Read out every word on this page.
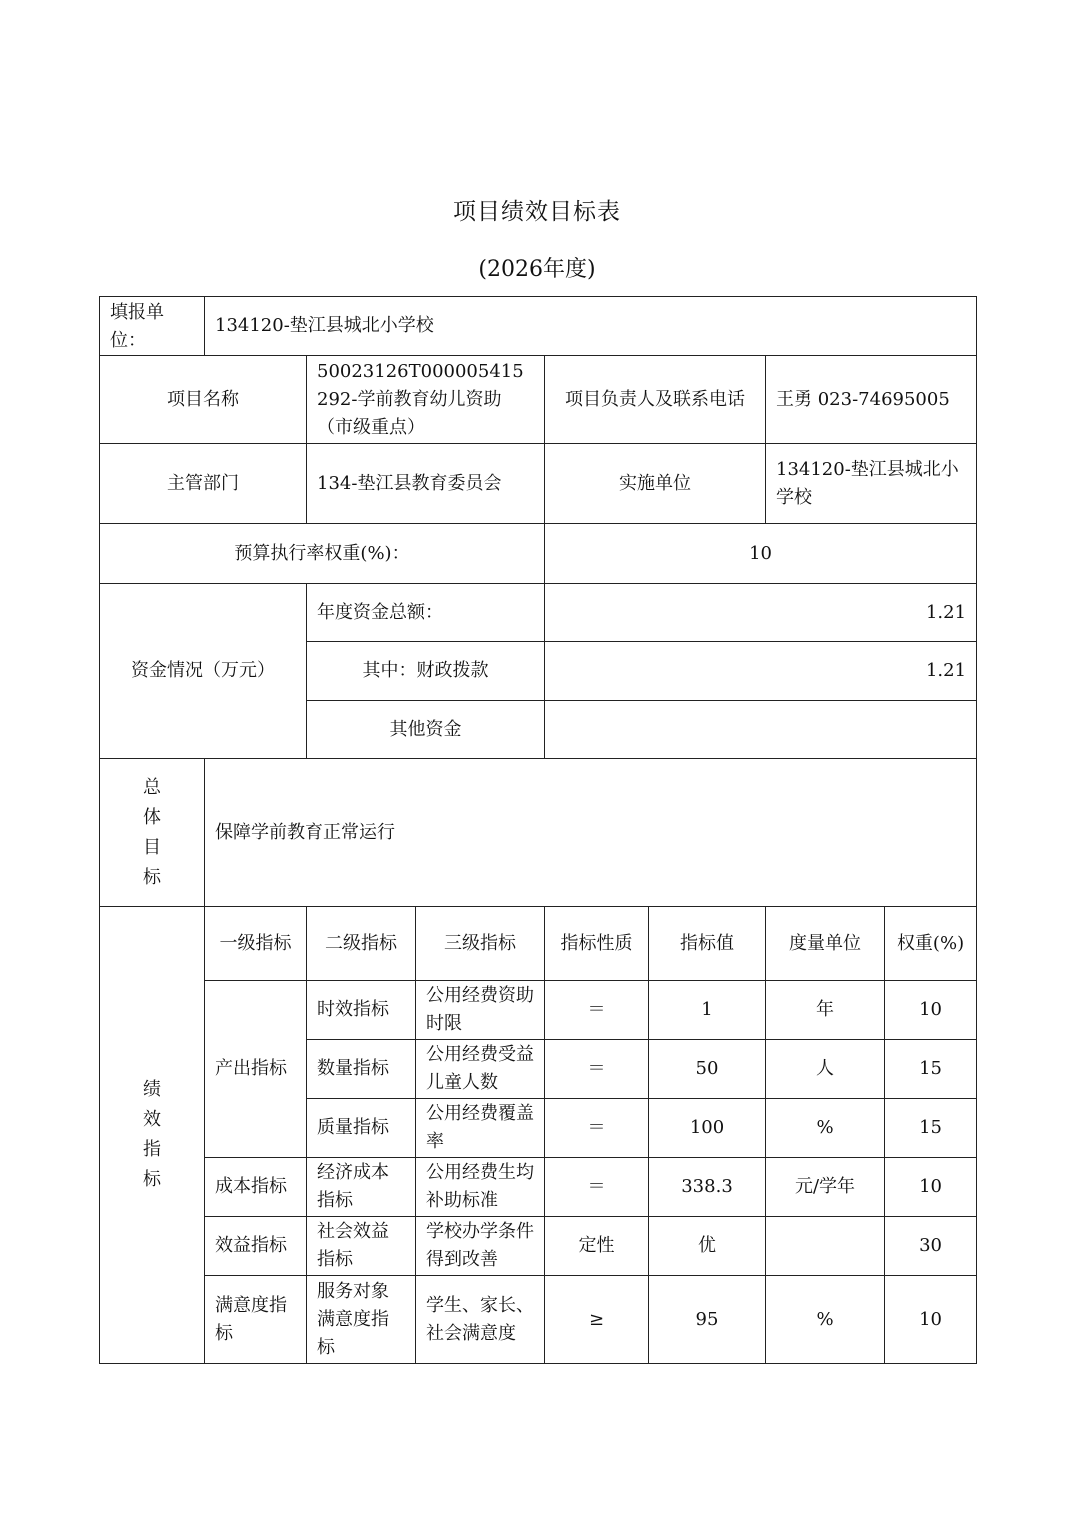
项目绩效目标表
(2026年度)
填报单位：	134120-垫江县城北小学校						
项目名称		50023126T000005415292-学前教育幼儿资助（市级重点）		项目负责人及联系电话		王勇 023-74695005	
主管部门		134-垫江县教育委员会		实施单位		134120-垫江县城北小学校	
预算执行率权重(%)：				10			
资金情况（万元）		年度资金总额：		1.21			
		其中：财政拨款		1.21			
		其他资金					

总
体
目
标	保障学前教育正常运行						

绩
效
指
标	一级指标	二级指标	三级指标	指标性质	指标值	度量单位	权重(%)
	产出指标	时效指标	公用经费资助时限	＝	1	年	10
		数量指标	公用经费受益儿童人数	＝	50	人	15
		质量指标	公用经费覆盖率	＝	100	%	15
	成本指标	经济成本指标	公用经费生均补助标准	＝	338.3	元/学年	10
	效益指标	社会效益指标	学校办学条件得到改善	定性	优		30
	满意度指标	服务对象满意度指标	学生、家长、社会满意度	≥	95	%	10
